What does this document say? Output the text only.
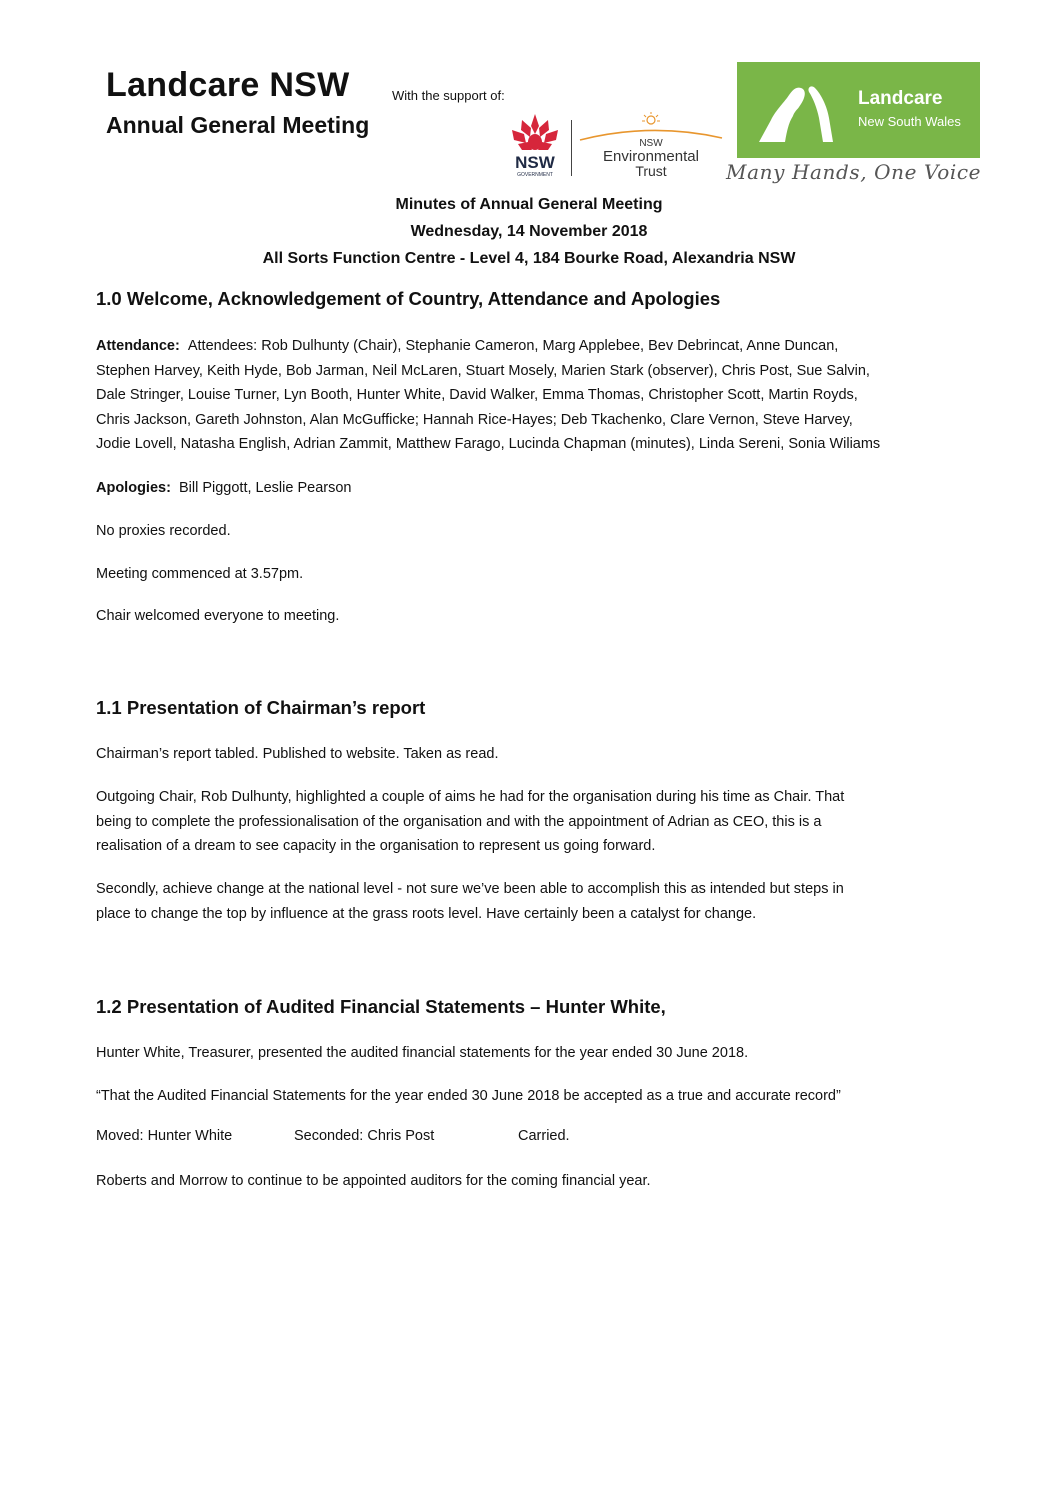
Landcare NSW	With the support of:
Annual General Meeting
NSW
GOVERNMENT
NSW
Environmental
Trust
Landcare
New South Wales
Many Hands, One Voice
Minutes of Annual General Meeting
Wednesday, 14 November 2018
All Sorts Function Centre - Level 4, 184 Bourke Road, Alexandria NSW
1.0 Welcome, Acknowledgement of Country, Attendance and Apologies
Attendance: Attendees: Rob Dulhunty (Chair), Stephanie Cameron, Marg Applebee, Bev Debrincat, Anne Duncan,
Stephen Harvey, Keith Hyde, Bob Jarman, Neil McLaren, Stuart Mosely, Marien Stark (observer), Chris Post, Sue Salvin,
Dale Stringer, Louise Turner, Lyn Booth, Hunter White, David Walker, Emma Thomas, Christopher Scott, Martin Royds,
Chris Jackson, Gareth Johnston, Alan McGufficke; Hannah Rice-Hayes; Deb Tkachenko, Clare Vernon, Steve Harvey,
Jodie Lovell, Natasha English, Adrian Zammit, Matthew Farago, Lucinda Chapman (minutes), Linda Sereni, Sonia Wiliams
Apologies: Bill Piggott, Leslie Pearson
No proxies recorded.
Meeting commenced at 3.57pm.
Chair welcomed everyone to meeting.
1.1 Presentation of Chairman’s report
Chairman’s report tabled. Published to website. Taken as read.
Outgoing Chair, Rob Dulhunty, highlighted a couple of aims he had for the organisation during his time as Chair. That
being to complete the professionalisation of the organisation and with the appointment of Adrian as CEO, this is a
realisation of a dream to see capacity in the organisation to represent us going forward.
Secondly, achieve change at the national level - not sure we’ve been able to accomplish this as intended but steps in
place to change the top by influence at the grass roots level. Have certainly been a catalyst for change.
1.2 Presentation of Audited Financial Statements – Hunter White,
Hunter White, Treasurer, presented the audited financial statements for the year ended 30 June 2018.
“That the Audited Financial Statements for the year ended 30 June 2018 be accepted as a true and accurate record”
Moved: Hunter White	Seconded: Chris Post	Carried.
Roberts and Morrow to continue to be appointed auditors for the coming financial year.
